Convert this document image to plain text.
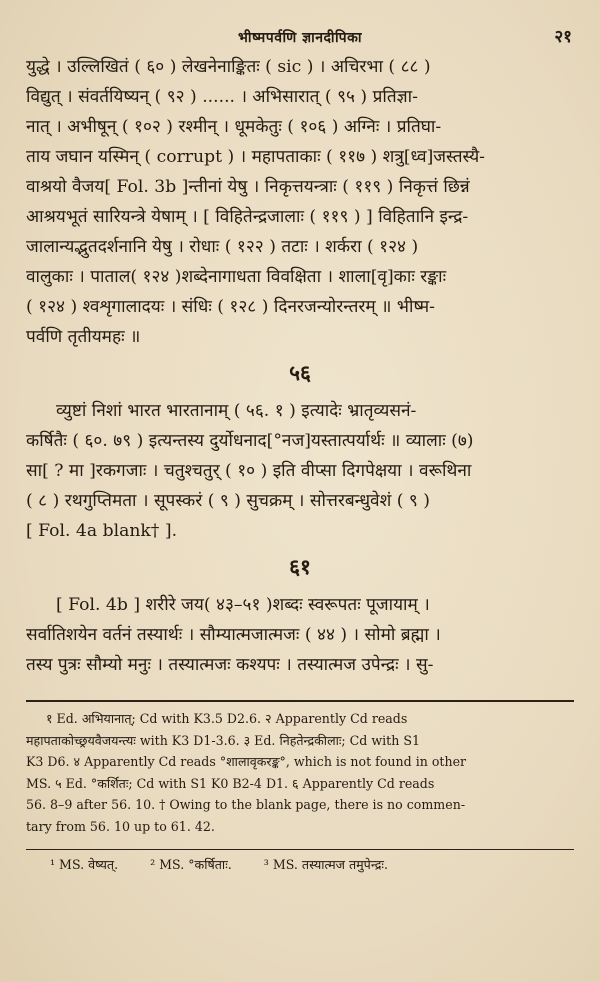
भीष्मपर्वणि ज्ञानदीपिका	२१
युद्धे । उल्लिखितं ( ६० ) लेखनेनाङ्कितः ( sic ) । अचिरभा ( ८८ )
विद्युत् । संवर्तयिष्यन् ( ९२ ) ...... । अभिसारात् ( ९५ ) प्रतिज्ञा-
नात् । अभीषून् ( १०२ ) रश्मीन् । धूमकेतुः ( १०६ ) अग्निः । प्रतिघा-
ताय जघान यस्मिन् ( corrupt ) । महापताकाः ( ११७ ) शत्रु[ध्व]जस्तस्यै-
वाश्रयो वैजय[ Fol. 3b ]न्तीनां येषु । निकृत्तयन्त्राः ( ११९ ) निकृत्तं छिन्नं
आश्रयभूतं सारियन्त्रे येषाम् । [ विहितेन्द्रजालाः ( ११९ ) ] विहितानि इन्द्र-
जालान्यद्भुतदर्शनानि येषु । रोधाः ( १२२ ) तटाः । शर्करा ( १२४ )
वालुकाः । पाताल( १२४ )शब्देनागाधता विवक्षिता । शाला[वृ]काः रङ्काः
( १२४ ) श्वशृगालादयः । संधिः ( १२८ ) दिनरजन्योरन्तरम् ॥ भीष्म-
पर्वणि तृतीयमहः ॥
५६
व्युष्टां निशां भारत भारतानाम् ( ५६. १ ) इत्यादेः भ्रातृव्यसनं-
कर्षितैः ( ६०. ७९ ) इत्यन्तस्य दुर्योधनाद[°नज]यस्तात्पर्यार्थः ॥ व्यालाः (७)
सा[ ? मा ]रकगजाः । चतुश्चतुर् ( १० ) इति वीप्सा दिगपेक्षया । वरूथिना
( ८ ) रथगुप्तिमता । सूपस्करं ( ९ ) सुचक्रम् । सोत्तरबन्धुवेशं ( ९ )
[ Fol. 4a blank† ].
६१
[ Fol. 4b ] शरीरे जय( ४३–५१ )शब्दः स्वरूपतः पूजायाम् ।
सर्वातिशयेन वर्तनं तस्यार्थः । सौम्यात्मजात्मजः ( ४४ ) । सोमो ब्रह्मा ।
तस्य पुत्रः सौम्यो मनुः । तस्यात्मजः कश्यपः । तस्यात्मज उपेन्द्रः । सु-
१ Ed. अभियानात्; Cd with K3.5 D2.6. २ Apparently Cd reads
महापताकोच्छ्रयवैजयन्त्यः with K3 D1-3.6. ३ Ed. निहतेन्द्रकीलाः; Cd with S1
K3 D6. ४ Apparently Cd reads °शालावृकरङ्क°, which is not found in other
MS. ५ Ed. °कर्शितः; Cd with S1 K0 B2-4 D1. ६ Apparently Cd reads
56. 8–9 after 56. 10. † Owing to the blank page, there is no commen-
tary from 56. 10 up to 61. 42.
¹ MS. वेष्यत्.	² MS. °कर्षिताः.	³ MS. तस्यात्मज तमुपेन्द्रः.
